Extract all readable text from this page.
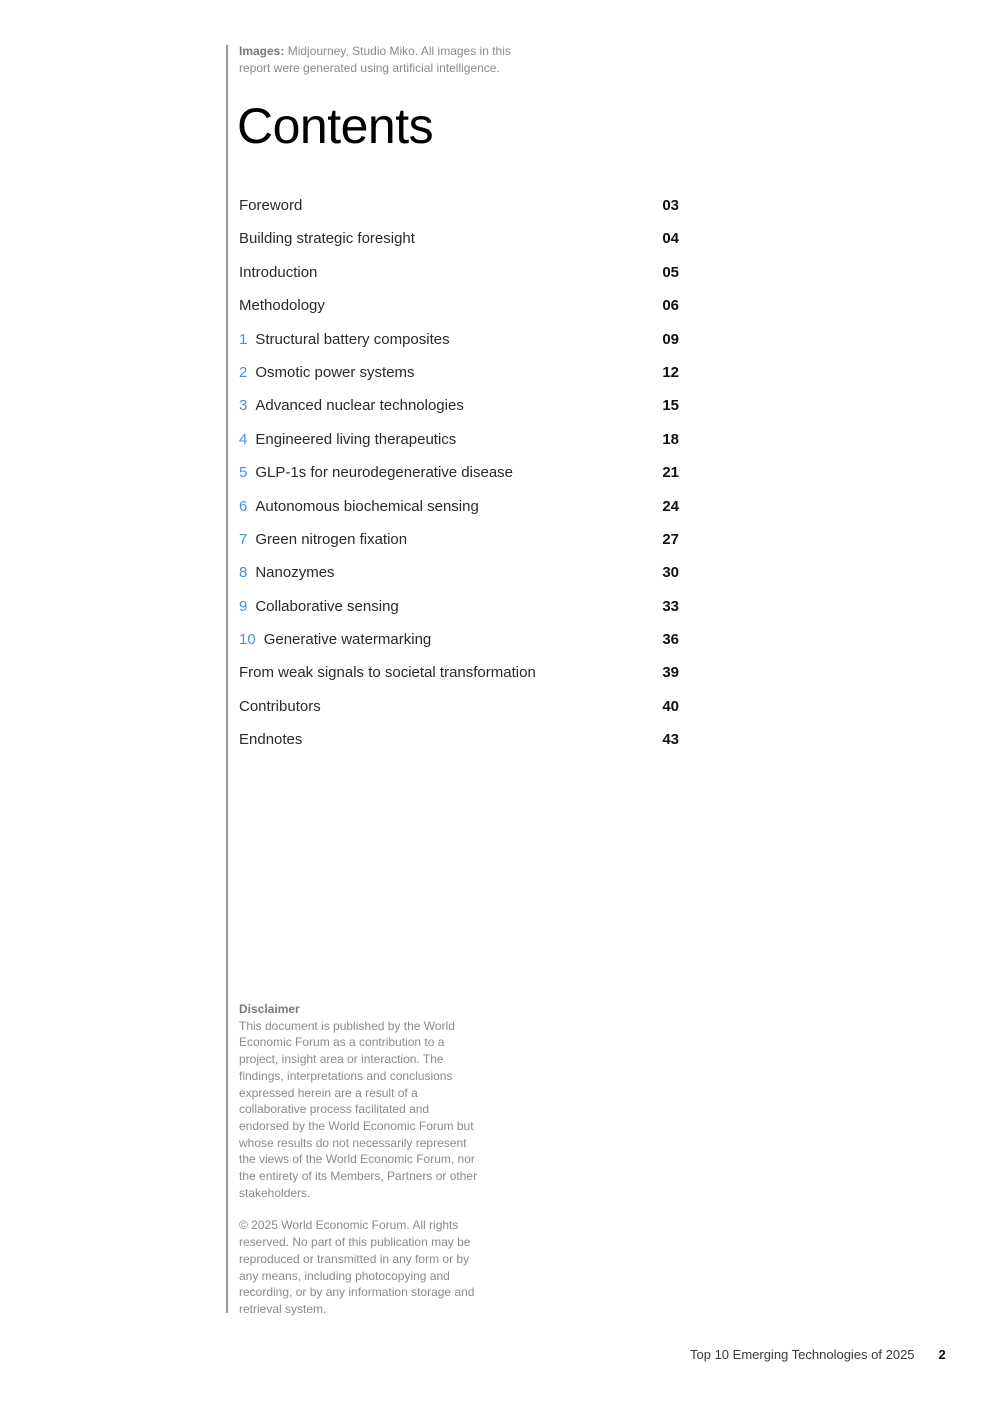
Images: Midjourney, Studio Miko. All images in this report were generated using artificial intelligence.
Contents
Foreword	03
Building strategic foresight	04
Introduction	05
Methodology	06
1 Structural battery composites	09
2 Osmotic power systems	12
3 Advanced nuclear technologies	15
4 Engineered living therapeutics	18
5 GLP-1s for neurodegenerative disease	21
6 Autonomous biochemical sensing	24
7 Green nitrogen fixation	27
8 Nanozymes	30
9 Collaborative sensing	33
10 Generative watermarking	36
From weak signals to societal transformation	39
Contributors	40
Endnotes	43

Disclaimer

This document is published by the World Economic Forum as a contribution to a project, insight area or interaction. The findings, interpretations and conclusions expressed herein are a result of a collaborative process facilitated and endorsed by the World Economic Forum but whose results do not necessarily represent the views of the World Economic Forum, nor the entirety of its Members, Partners or other stakeholders.

© 2025 World Economic Forum. All rights reserved. No part of this publication may be reproduced or transmitted in any form or by any means, including photocopying and recording, or by any information storage and retrieval system.

Top 10 Emerging Technologies of 2025 2
